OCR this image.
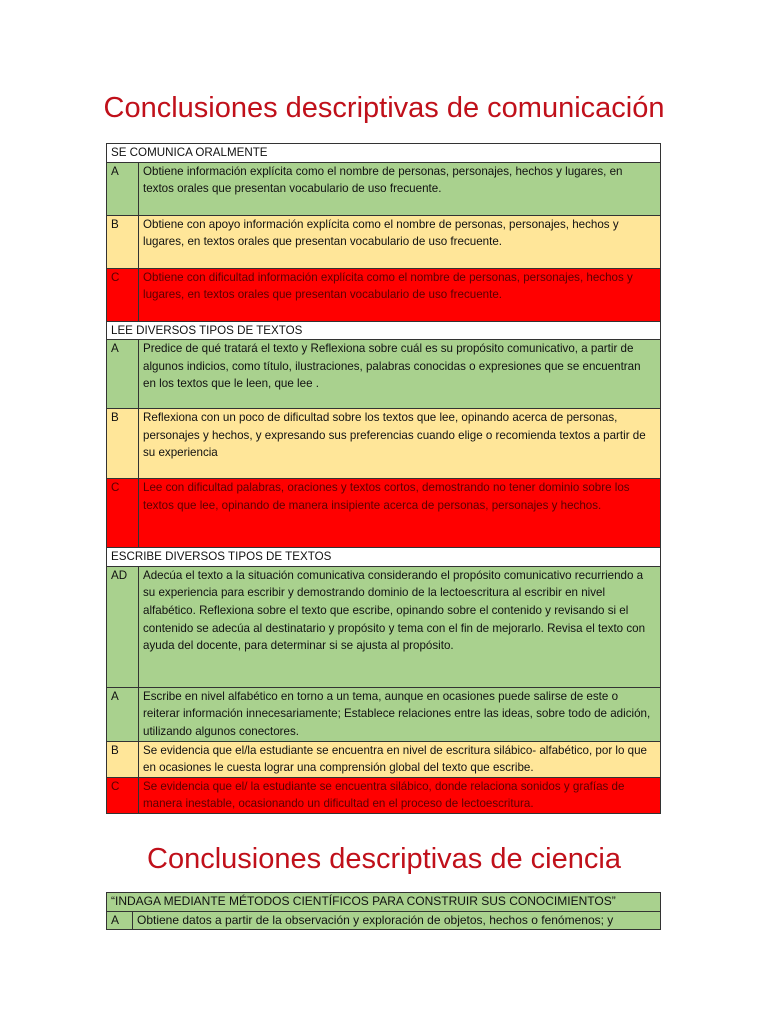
Conclusiones descriptivas de comunicación
SE COMUNICA ORALMENTE	
A	Obtiene información explícita como el nombre de personas, personajes, hechos y lugares, en textos orales que presentan vocabulario de uso frecuente.
B	Obtiene con apoyo información explícita como el nombre de personas, personajes, hechos y lugares, en textos orales que presentan vocabulario de uso frecuente.
C	Obtiene con dificultad información explícita como el nombre de personas, personajes, hechos y lugares, en textos orales que presentan vocabulario de uso frecuente.
LEE DIVERSOS TIPOS DE TEXTOS	
A	Predice de qué tratará el texto y Reflexiona sobre cuál es su propósito comunicativo, a partir de algunos indicios, como título, ilustraciones, palabras conocidas o expresiones que se encuentran en los textos que le leen, que lee .
B	Reflexiona con un poco de dificultad sobre los textos que lee, opinando acerca de personas, personajes y hechos, y expresando sus preferencias cuando elige o recomienda textos a partir de su experiencia
C	Lee con dificultad palabras, oraciones y textos cortos, demostrando no tener dominio sobre los textos que lee, opinando de manera insipiente acerca de personas, personajes y hechos.
ESCRIBE DIVERSOS TIPOS DE TEXTOS	
AD	Adecúa el texto a la situación comunicativa considerando el propósito comunicativo recurriendo a su experiencia para escribir y demostrando dominio de la lectoescritura al escribir en nivel alfabético. Reflexiona sobre el texto que escribe, opinando sobre el contenido y revisando si el contenido se adecúa al destinatario y propósito y tema con el fin de mejorarlo. Revisa el texto con ayuda del docente, para determinar si se ajusta al propósito.
A	Escribe en nivel alfabético en torno a un tema, aunque en ocasiones puede salirse de este o reiterar información innecesariamente; Establece relaciones entre las ideas, sobre todo de adición, utilizando algunos conectores.
B	Se evidencia que el/la estudiante se encuentra en nivel de escritura silábico- alfabético, por lo que en ocasiones le cuesta lograr una comprensión global del texto que escribe.
C	Se evidencia que el/ la estudiante se encuentra silábico, donde relaciona sonidos y grafías de manera inestable, ocasionando un dificultad en el proceso de lectoescritura.
Conclusiones descriptivas de ciencia
“INDAGA MEDIANTE MÉTODOS CIENTÍFICOS PARA CONSTRUIR SUS CONOCIMIENTOS”
A	Obtiene datos a partir de la observación y exploración de objetos, hechos o fenómenos; y
